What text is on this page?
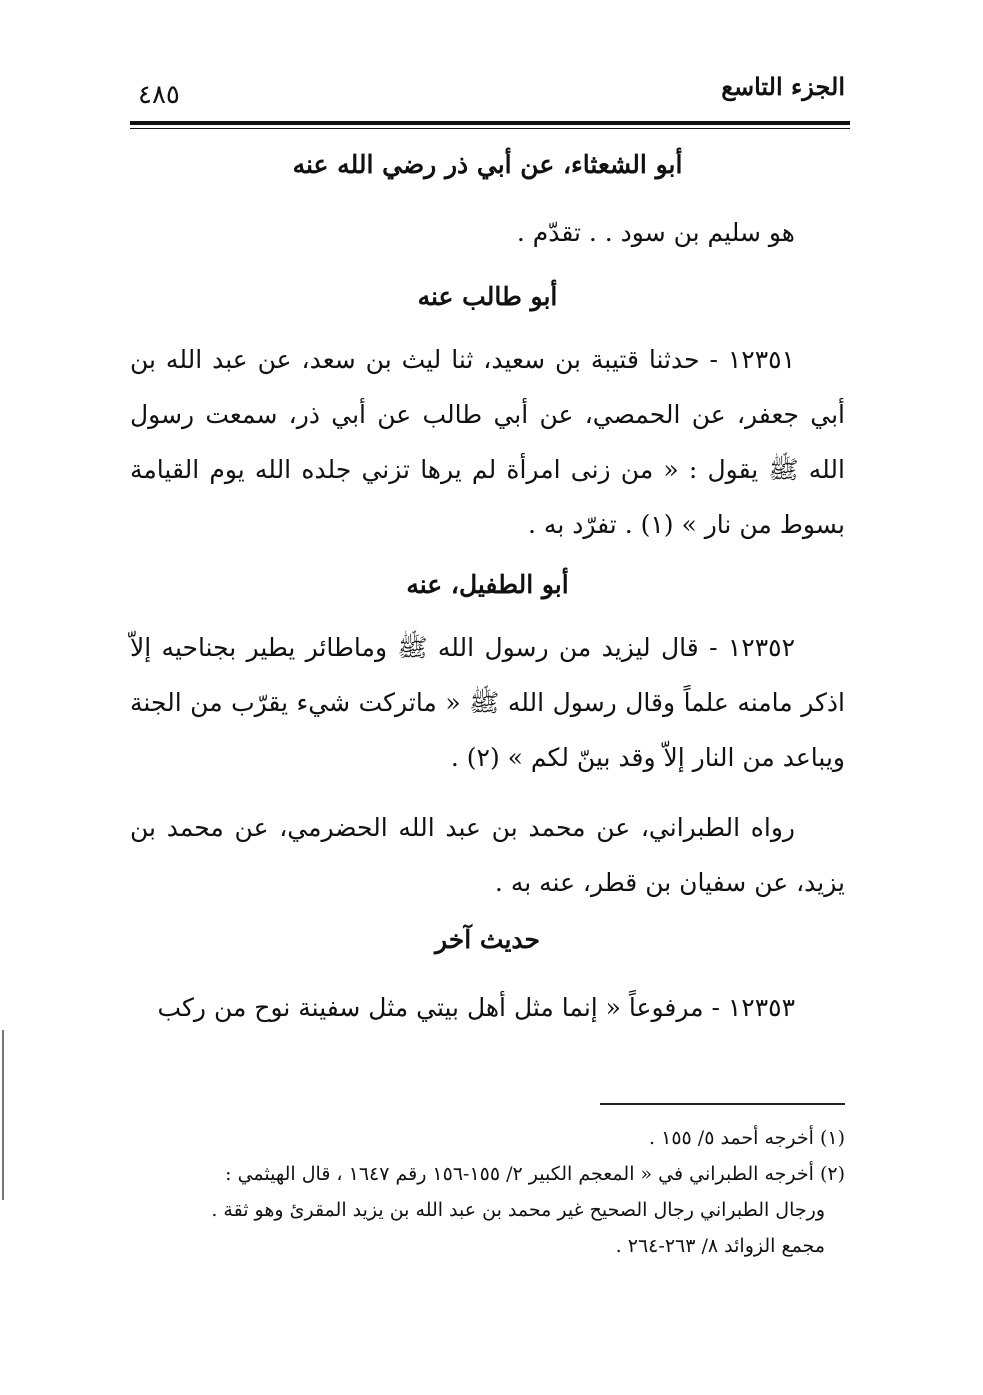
الجزء التاسع
٤٨٥
أبو الشعثاء، عن أبي ذر رضي الله عنه
هو سليم بن سود . . تقدّم .
أبو طالب عنه
١٢٣٥١ - حدثنا قتيبة بن سعيد، ثنا ليث بن سعد، عن عبد الله بن أبي جعفر، عن الحمصي، عن أبي طالب عن أبي ذر، سمعت رسول الله ﷺ يقول : « من زنى امرأة لم يرها تزني جلده الله يوم القيامة بسوط من نار » (١) . تفرّد به .
أبو الطفيل، عنه
١٢٣٥٢ - قال ليزيد من رسول الله ﷺ وماطائر يطير بجناحيه إلاّ اذكر مامنه علماً وقال رسول الله ﷺ « ماتركت شيء يقرّب من الجنة ويباعد من النار إلاّ وقد بينّ لكم » (٢) .
رواه الطبراني، عن محمد بن عبد الله الحضرمي، عن محمد بن يزيد، عن سفيان بن قطر، عنه به .
حديث آخر
١٢٣٥٣ - مرفوعاً « إنما مثل أهل بيتي مثل سفينة نوح من ركب

(١) أخرجه أحمد ٥/ ١٥٥ .

(٢) أخرجه الطبراني في « المعجم الكبير ٢/ ١٥٥-١٥٦ رقم ١٦٤٧ ، قال الهيثمي :

ورجال الطبراني رجال الصحيح غير محمد بن عبد الله بن يزيد المقرئ وهو ثقة .

مجمع الزوائد ٨/ ٢٦٣-٢٦٤ .
